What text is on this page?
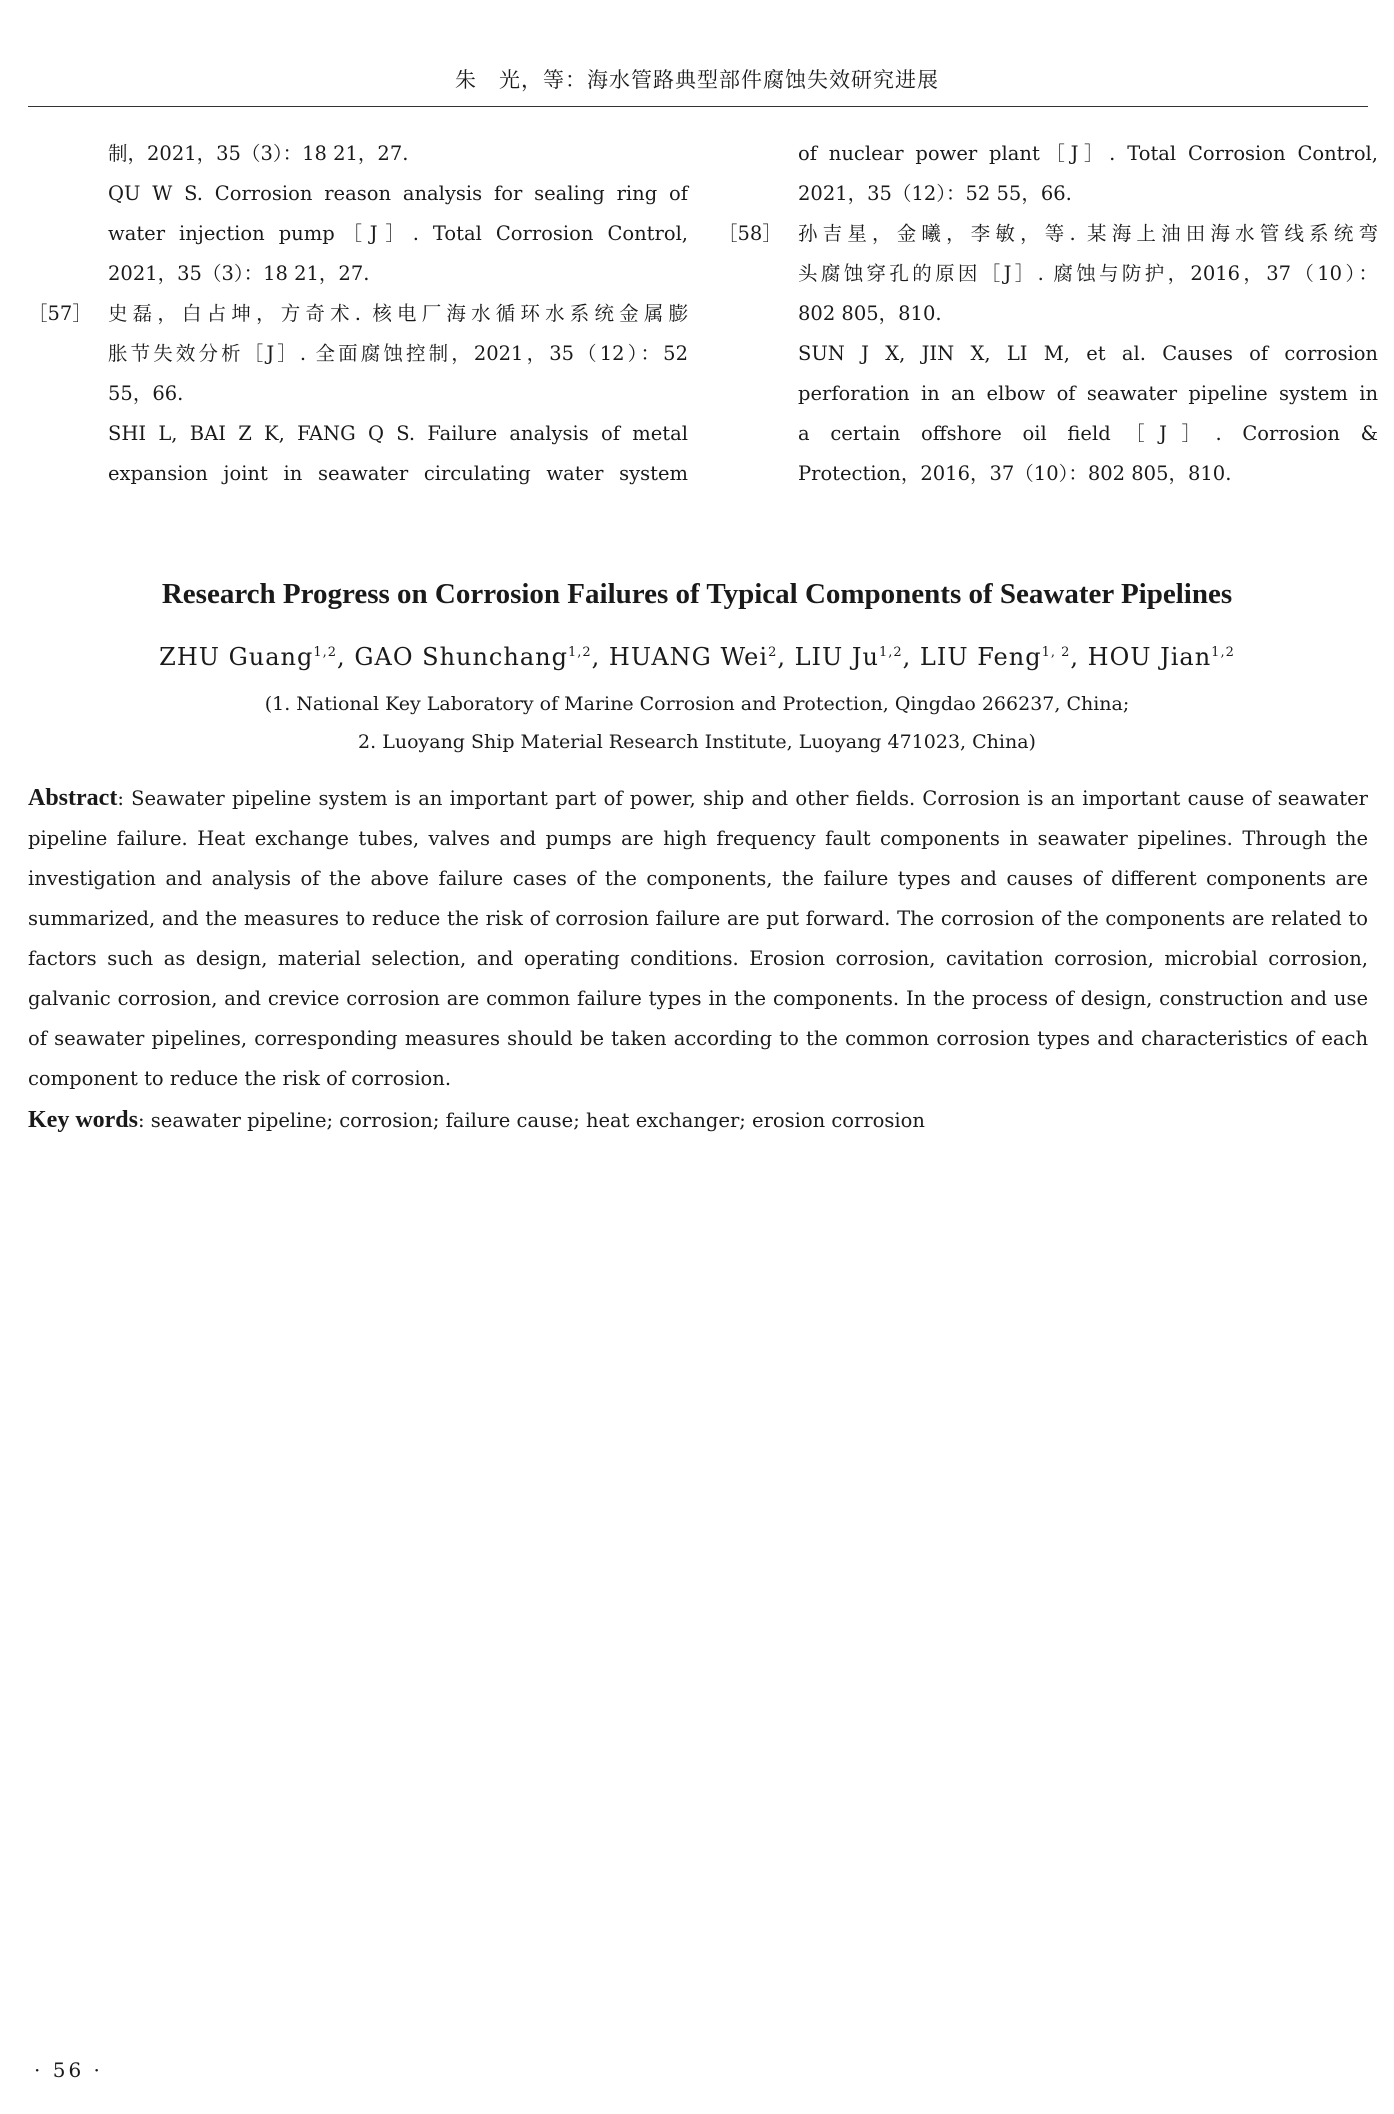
朱　光，等：海水管路典型部件腐蚀失效研究进展
制，2021，35（3）：18 21，27.
QU W S. Corrosion reason analysis for sealing ring of
water injection pump［J］. Total Corrosion Control,
2021，35（3）：18 21，27.
［57］ 史磊，白占坤，方奇术. 核电厂海水循环水系统金属膨
胀节失效分析［J］. 全面腐蚀控制，2021，35（12）：52
55，66.
SHI L, BAI Z K, FANG Q S. Failure analysis of metal
expansion joint in seawater circulating water system
of nuclear power plant［J］. Total Corrosion Control,
2021，35（12）：52 55，66.
［58］ 孙吉星，金曦，李敏，等. 某海上油田海水管线系统弯
头腐蚀穿孔的原因［J］. 腐蚀与防护，2016，37（10）：
802 805，810.
SUN J X, JIN X, LI M, et al. Causes of corrosion
perforation in an elbow of seawater pipeline system in
a certain offshore oil field［J］. Corrosion &
Protection，2016，37（10）：802 805，810.
Research Progress on Corrosion Failures of Typical Components of Seawater Pipelines
ZHU Guang$^{1,2}$, GAO Shunchang$^{1,2}$, HUANG Wei$^2$, LIU Ju$^{1,2}$, LIU Feng$^{1, 2}$, HOU Jian$^{1,2}$
(1. National Key Laboratory of Marine Corrosion and Protection, Qingdao 266237, China;
2. Luoyang Ship Material Research Institute, Luoyang 471023, China)
Abstract: Seawater pipeline system is an important part of power, ship and other fields. Corrosion is an important cause of seawater pipeline failure. Heat exchange tubes, valves and pumps are high frequency fault components in seawater pipelines. Through the investigation and analysis of the above failure cases of the components, the failure types and causes of different components are summarized, and the measures to reduce the risk of corrosion failure are put forward. The corrosion of the components are related to factors such as design, material selection, and operating conditions. Erosion corrosion, cavitation corrosion, microbial corrosion, galvanic corrosion, and crevice corrosion are common failure types in the components. In the process of design, construction and use of seawater pipelines, corresponding measures should be taken according to the common corrosion types and characteristics of each component to reduce the risk of corrosion.
Key words: seawater pipeline; corrosion; failure cause; heat exchanger; erosion corrosion
· 56 ·
